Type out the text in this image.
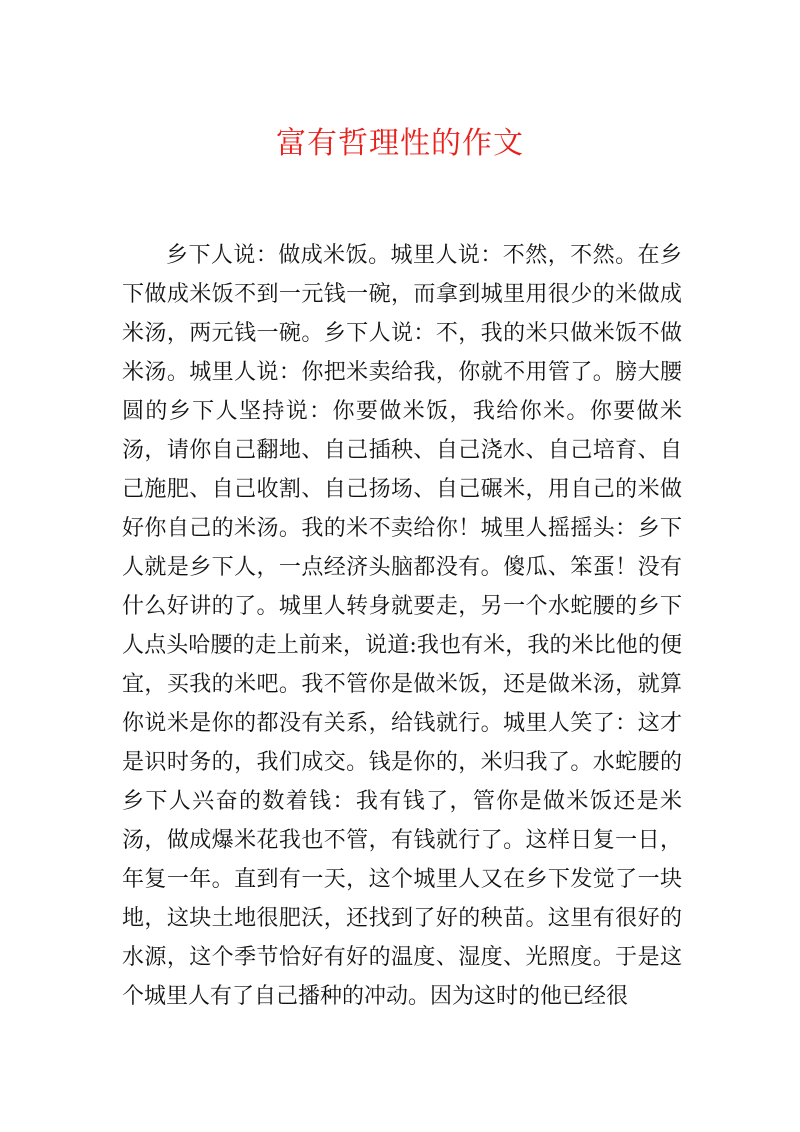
富有哲理性的作文

乡下人说：做成米饭。城里人说：不然，不然。在乡下做成米饭不到一元钱一碗，而拿到城里用很少的米做成米汤，两元钱一碗。乡下人说：不，我的米只做米饭不做米汤。城里人说：你把米卖给我，你就不用管了。膀大腰圆的乡下人坚持说：你要做米饭，我给你米。你要做米汤，请你自己翻地、自己插秧、自己浇水、自己培育、自己施肥、自己收割、自己扬场、自己碾米，用自己的米做好你自己的米汤。我的米不卖给你！城里人摇摇头：乡下人就是乡下人，一点经济头脑都没有。傻瓜、笨蛋！没有什么好讲的了。城里人转身就要走，另一个水蛇腰的乡下人点头哈腰的走上前来，说道:我也有米，我的米比他的便宜，买我的米吧。我不管你是做米饭，还是做米汤，就算你说米是你的都没有关系，给钱就行。城里人笑了：这才是识时务的，我们成交。钱是你的，米归我了。水蛇腰的乡下人兴奋的数着钱：我有钱了，管你是做米饭还是米汤，做成爆米花我也不管，有钱就行了。这样日复一日，年复一年。直到有一天，这个城里人又在乡下发觉了一块地，这块土地很肥沃，还找到了好的秧苗。这里有很好的水源，这个季节恰好有好的温度、湿度、光照度。于是这个城里人有了自己播种的冲动。因为这时的他已经很
